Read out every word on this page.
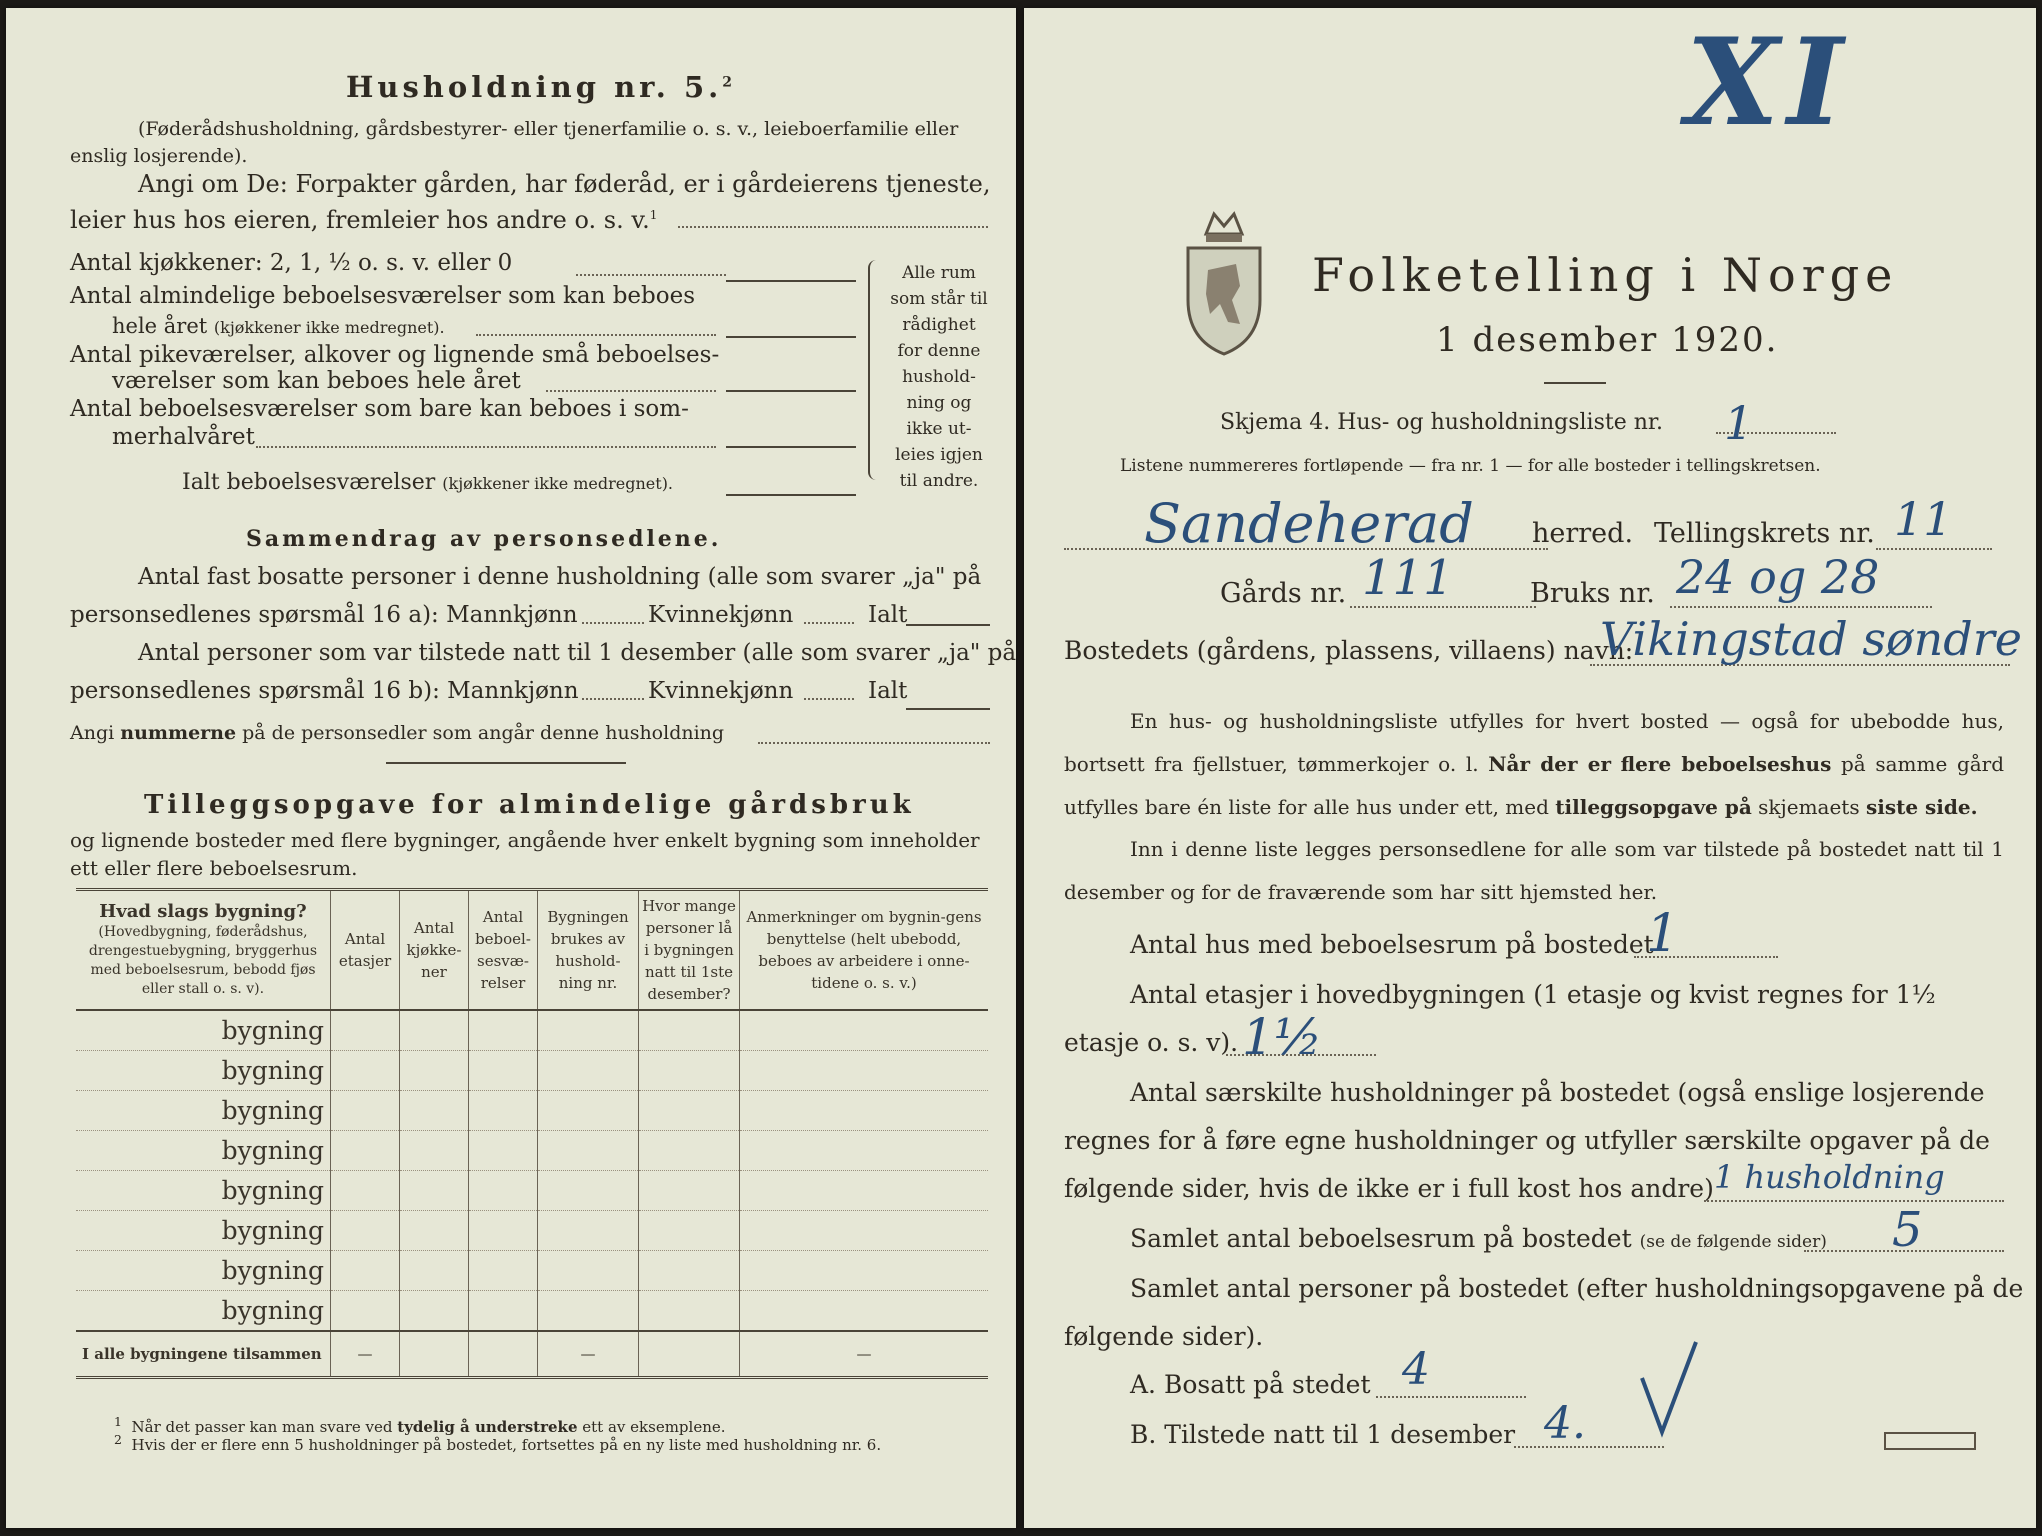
Husholdning nr. 5.$^2$
(Føderådshusholdning, gårdsbestyrer- eller tjenerfamilie o. s. v., leieboerfamilie eller
enslig losjerende).
Angi om De: Forpakter gården, har føderåd, er i gårdeierens tjeneste,
leier hus hos eieren, fremleier hos andre o. s. v.$^1$
Antal kjøkkener: 2, 1, ½ o. s. v. eller 0
Antal almindelige beboelsesværelser som kan beboes
hele året (kjøkkener ikke medregnet).
Antal pikeværelser, alkover og lignende små beboelses-
værelser som kan beboes hele året
Antal beboelsesværelser som bare kan beboes i som-
merhalvåret
Ialt beboelsesværelser (kjøkkener ikke medregnet).
Alle rum
som står til
rådighet
for denne
hushold-
ning og
ikke ut-
leies igjen
til andre.
Sammendrag av personsedlene.
Antal fast bosatte personer i denne husholdning (alle som svarer „ja" på
personsedlenes spørsmål 16 a): Mannkjønn	Kvinnekjønn	Ialt
Antal personer som var tilstede natt til 1 desember (alle som svarer „ja" på
personsedlenes spørsmål 16 b): Mannkjønn	Kvinnekjønn	Ialt
Angi nummerne på de personsedler som angår denne husholdning
Tilleggsopgave for almindelige gårdsbruk
og lignende bosteder med flere bygninger, angående hver enkelt bygning som inneholder
ett eller flere beboelsesrum.
Hvad slags bygning?
(Hovedbygning, føderådshus, drengestuebygning, bryggerhus med beboelsesrum, bebodd fjøs eller stall o. s. v).	Antal etasjer	Antal kjøkke-ner	Antal beboel-sesvæ-relser	Bygningen brukes av hushold-ning nr.	Hvor mange personer lå i bygningen natt til 1ste desember?	Anmerkninger om bygnin-gens benyttelse (helt ubebodd, beboes av arbeidere i onne-tidene o. s. v.)
bygning						
bygning						
bygning						
bygning						
bygning						
bygning						
bygning						
bygning						
I alle bygningene tilsammen	—			—		—
$^1$ Når det passer kan man svare ved tydelig å understreke ett av eksemplene.
$^2$ Hvis der er flere enn 5 husholdninger på bostedet, fortsettes på en ny liste med husholdning nr. 6.
XI
Folketelling i Norge
1 desember 1920.
Skjema 4. Hus- og husholdningsliste nr. 1
Listene nummereres fortløpende — fra nr. 1 — for alle bosteder i tellingskretsen.
Sandeherad herred. Tellingskrets nr. 11
Gårds nr. 111	Bruks nr. 24 og 28
Bostedets (gårdens, plassens, villaens) navn:
Vikingstad søndre

En hus- og husholdningsliste utfylles for hvert bosted — også for ubebodde hus, bortsett fra fjellstuer, tømmerkojer o. l. Når der er flere beboelseshus på samme gård utfylles bare én liste for alle hus under ett, med tilleggsopgave på skjemaets siste side.

Inn i denne liste legges personsedlene for alle som var tilstede på bostedet natt til 1 desember og for de fraværende som har sitt hjemsted her.

Antal hus med beboelsesrum på bostedet
1
Antal etasjer i hovedbygningen (1 etasje og kvist regnes for 1½
etasje o. s. v). 1½
Antal særskilte husholdninger på bostedet (også enslige losjerende
regnes for å føre egne husholdninger og utfyller særskilte opgaver på de
følgende sider, hvis de ikke er i full kost hos andre) 1 husholdning
Samlet antal beboelsesrum på bostedet (se de følgende sider) 5
Samlet antal personer på bostedet (efter husholdningsopgavene på de
følgende sider).
A. Bosatt på stedet 4
B. Tilstede natt til 1 desember 4.
